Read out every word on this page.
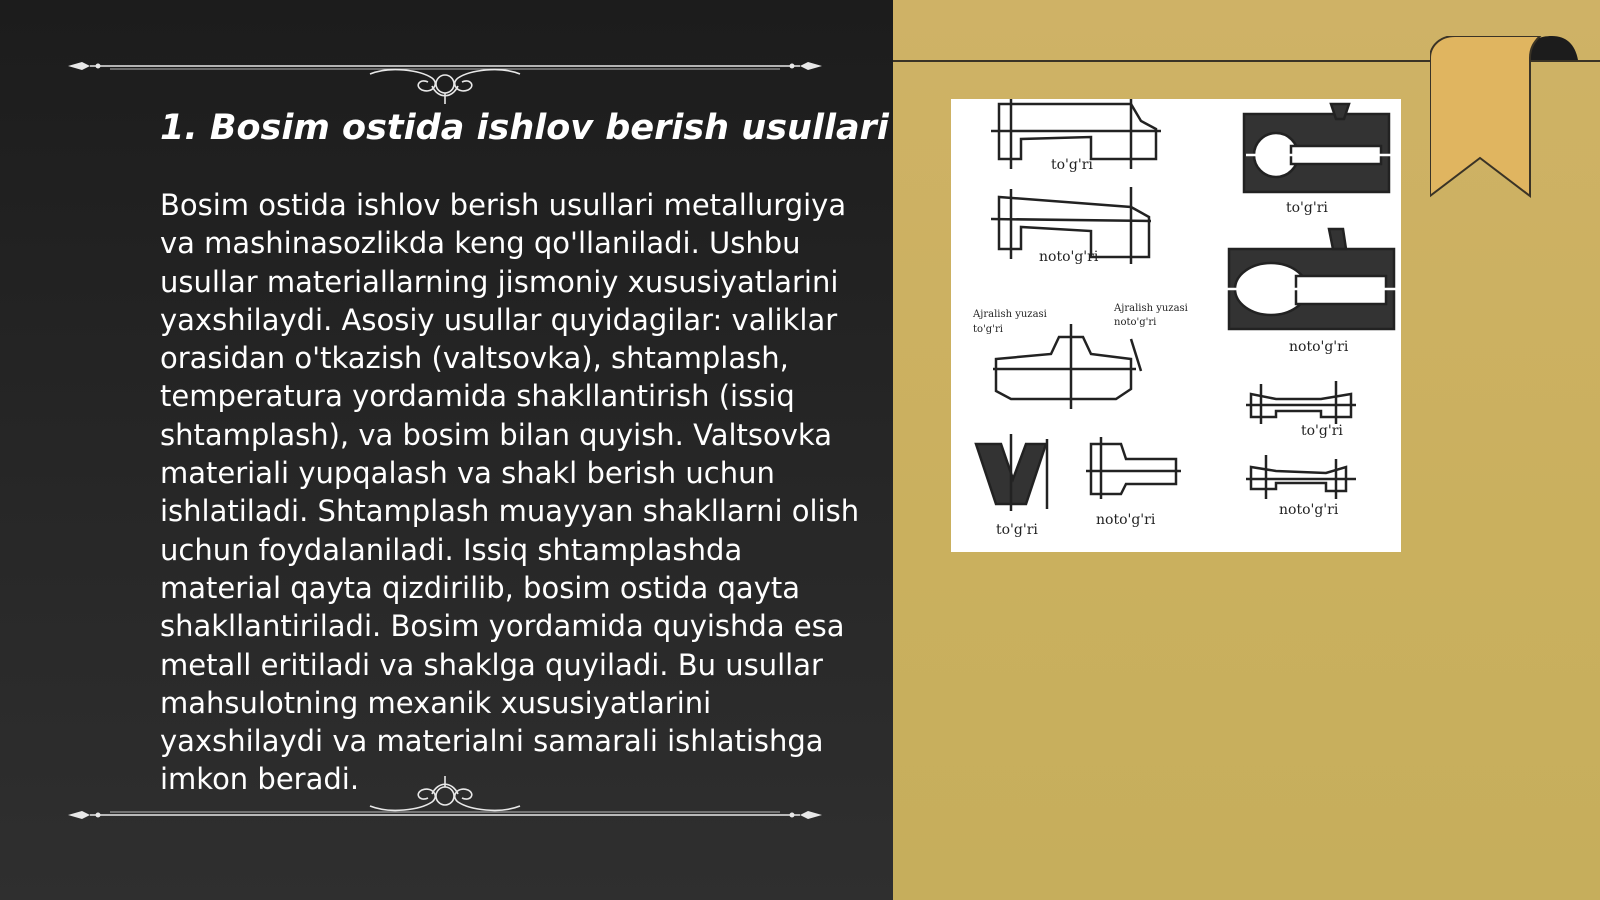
1. Bosim ostida ishlov berish usullari

Bosim ostida ishlov berish usullari metallurgiya va mashinasozlikda keng qo'llaniladi. Ushbu usullar materiallarning jismoniy xususiyatlarini yaxshilaydi. Asosiy usullar quyidagilar: valiklar orasidan o'tkazish (valtsovka), shtamplash, temperatura yordamida shakllantirish (issiq shtamplash), va bosim bilan quyish. Valtsovka materiali yupqalash va shakl berish uchun ishlatiladi. Shtamplash muayyan shakllarni olish uchun foydalaniladi. Issiq shtamplashda material qayta qizdirilib, bosim ostida qayta shakllantiriladi. Bosim yordamida quyishda esa metall eritiladi va shaklga quyiladi. Bu usullar mahsulotning mexanik xususiyatlarini yaxshilaydi va materialni samarali ishlatishga imkon beradi.

to'g'ri
to'g'ri
noto'g'ri
noto'g'ri
Ajralish yuzasi
to'g'ri
Ajralish yuzasi
noto'g'ri
to'g'ri
noto'g'ri
to'g'ri
noto'g'ri
